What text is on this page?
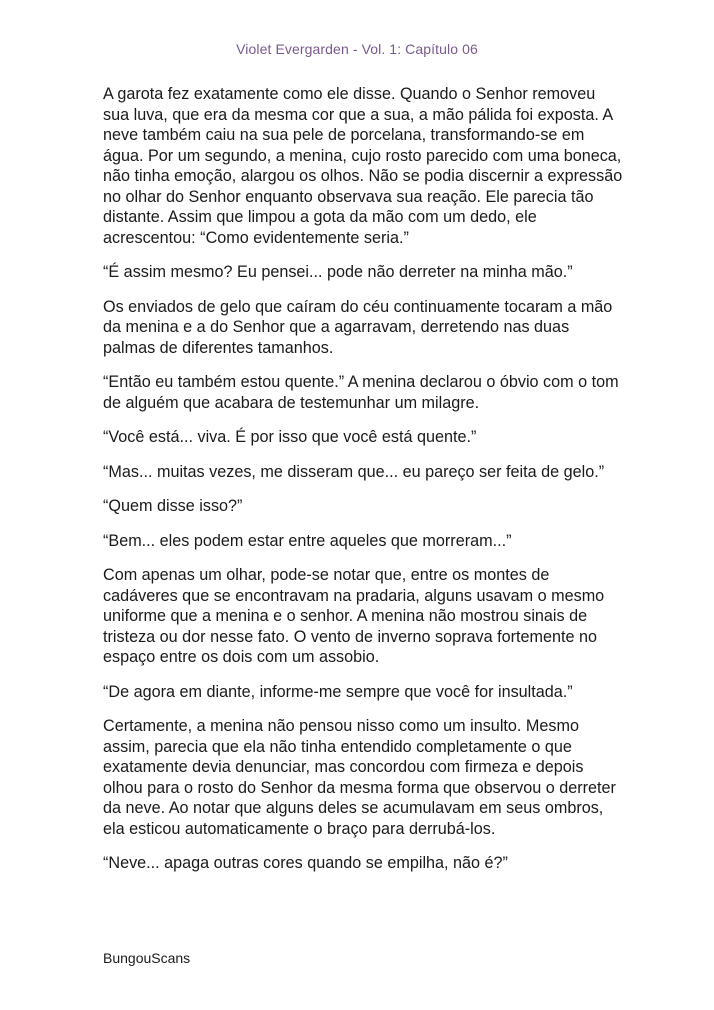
Violet Evergarden - Vol. 1: Capítulo 06

A garota fez exatamente como ele disse. Quando o Senhor removeu sua luva, que era da mesma cor que a sua, a mão pálida foi exposta. A neve também caiu na sua pele de porcelana, transformando-se em água. Por um segundo, a menina, cujo rosto parecido com uma boneca, não tinha emoção, alargou os olhos. Não se podia discernir a expressão no olhar do Senhor enquanto observava sua reação. Ele parecia tão distante. Assim que limpou a gota da mão com um dedo, ele acrescentou: “Como evidentemente seria.”

“É assim mesmo? Eu pensei... pode não derreter na minha mão.”

Os enviados de gelo que caíram do céu continuamente tocaram a mão da menina e a do Senhor que a agarravam, derretendo nas duas palmas de diferentes tamanhos.

“Então eu também estou quente.” A menina declarou o óbvio com o tom de alguém que acabara de testemunhar um milagre.

“Você está... viva. É por isso que você está quente.”

“Mas... muitas vezes, me disseram que... eu pareço ser feita de gelo.”

“Quem disse isso?”

“Bem... eles podem estar entre aqueles que morreram...”

Com apenas um olhar, pode-se notar que, entre os montes de cadáveres que se encontravam na pradaria, alguns usavam o mesmo uniforme que a menina e o senhor. A menina não mostrou sinais de tristeza ou dor nesse fato. O vento de inverno soprava fortemente no espaço entre os dois com um assobio.

“De agora em diante, informe-me sempre que você for insultada.”

Certamente, a menina não pensou nisso como um insulto. Mesmo assim, parecia que ela não tinha entendido completamente o que exatamente devia denunciar, mas concordou com firmeza e depois olhou para o rosto do Senhor da mesma forma que observou o derreter da neve. Ao notar que alguns deles se acumulavam em seus ombros, ela esticou automaticamente o braço para derrubá-los.

“Neve... apaga outras cores quando se empilha, não é?”

BungouScans
